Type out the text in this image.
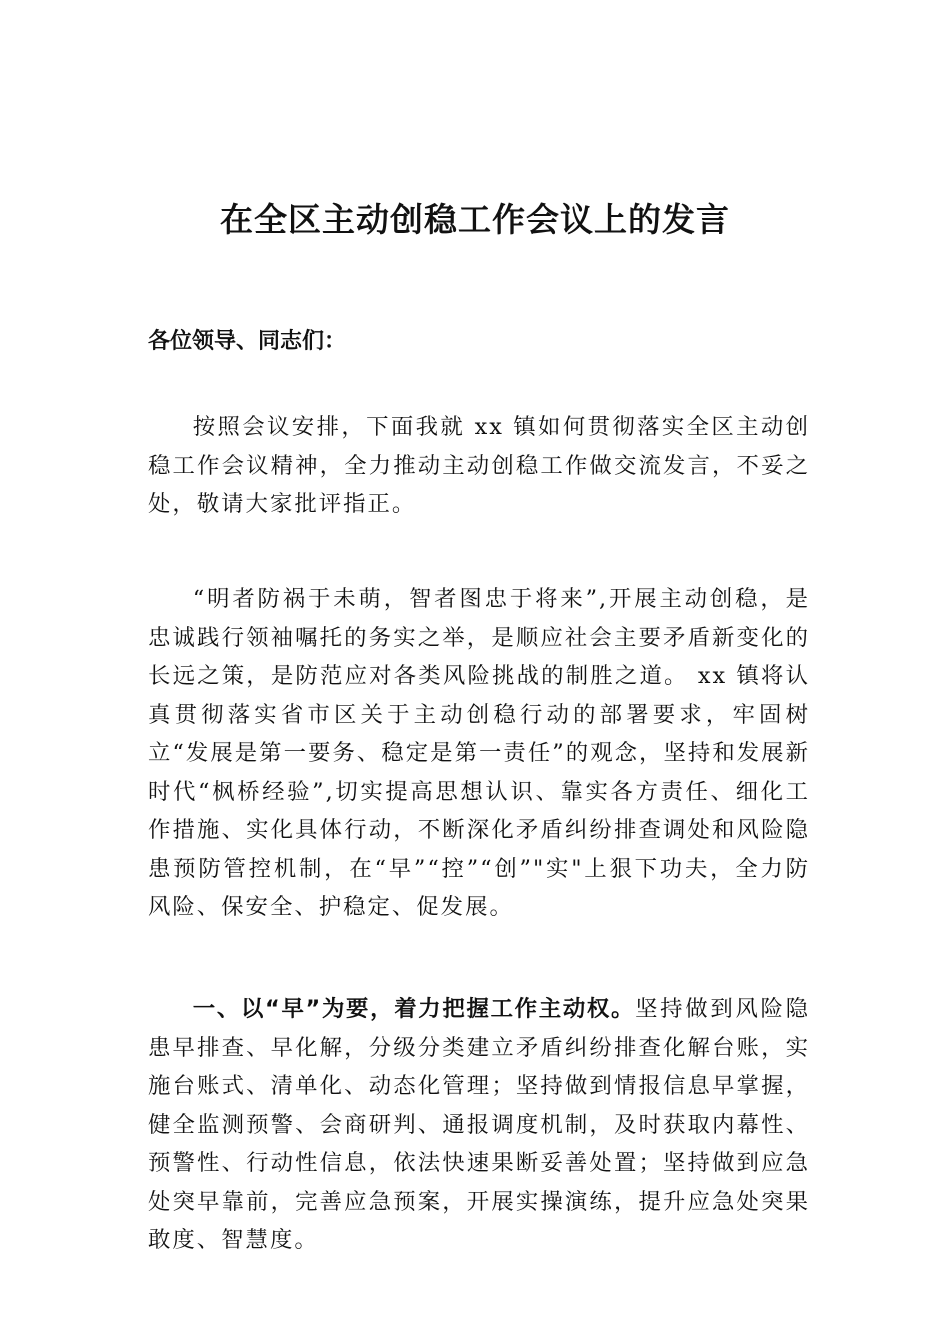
在全区主动创稳工作会议上的发言
各位领导、同志们：

按照会议安排，下面我就 xx 镇如何贯彻落实全区主动创稳工作会议精神，全力推动主动创稳工作做交流发言，不妥之处，敬请大家批评指正。

“明者防祸于未萌，智者图忠于将来”,开展主动创稳，是忠诚践行领袖嘱托的务实之举，是顺应社会主要矛盾新变化的长远之策，是防范应对各类风险挑战的制胜之道。 xx 镇将认真贯彻落实省市区关于主动创稳行动的部署要求，牢固树立“发展是第一要务、稳定是第一责任”的观念，坚持和发展新时代“枫桥经验”,切实提高思想认识、靠实各方责任、细化工作措施、实化具体行动，不断深化矛盾纠纷排查调处和风险隐患预防管控机制，在“早”“控”“创”"实"上狠下功夫，全力防风险、保安全、护稳定、促发展。

一、以“早”为要，着力把握工作主动权。坚持做到风险隐患早排查、早化解，分级分类建立矛盾纠纷排查化解台账，实施台账式、清单化、动态化管理；坚持做到情报信息早掌握，健全监测预警、会商研判、通报调度机制，及时获取内幕性、预警性、行动性信息，依法快速果断妥善处置；坚持做到应急处突早靠前，完善应急预案，开展实操演练，提升应急处突果敢度、智慧度。
